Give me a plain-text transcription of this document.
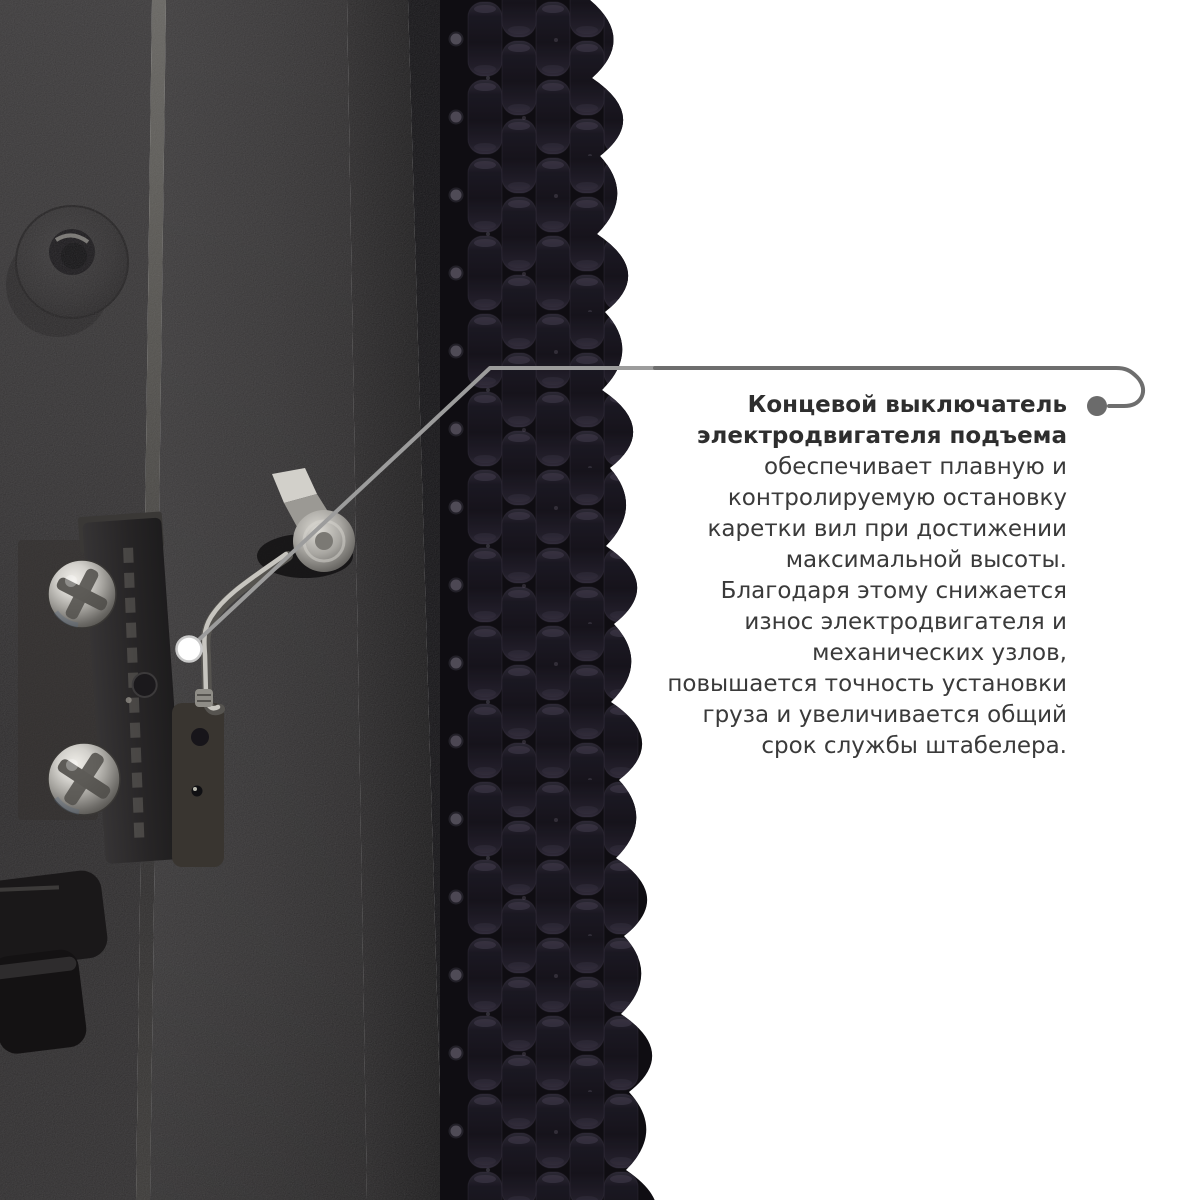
Концевой выключатель
электродвигателя подъема
обеспечивает плавную и
контролируемую остановку
каретки вил при достижении
максимальной высоты.
Благодаря этому снижается
износ электродвигателя и
механических узлов,
повышается точность установки
груза и увеличивается общий
срок службы штабелера.
